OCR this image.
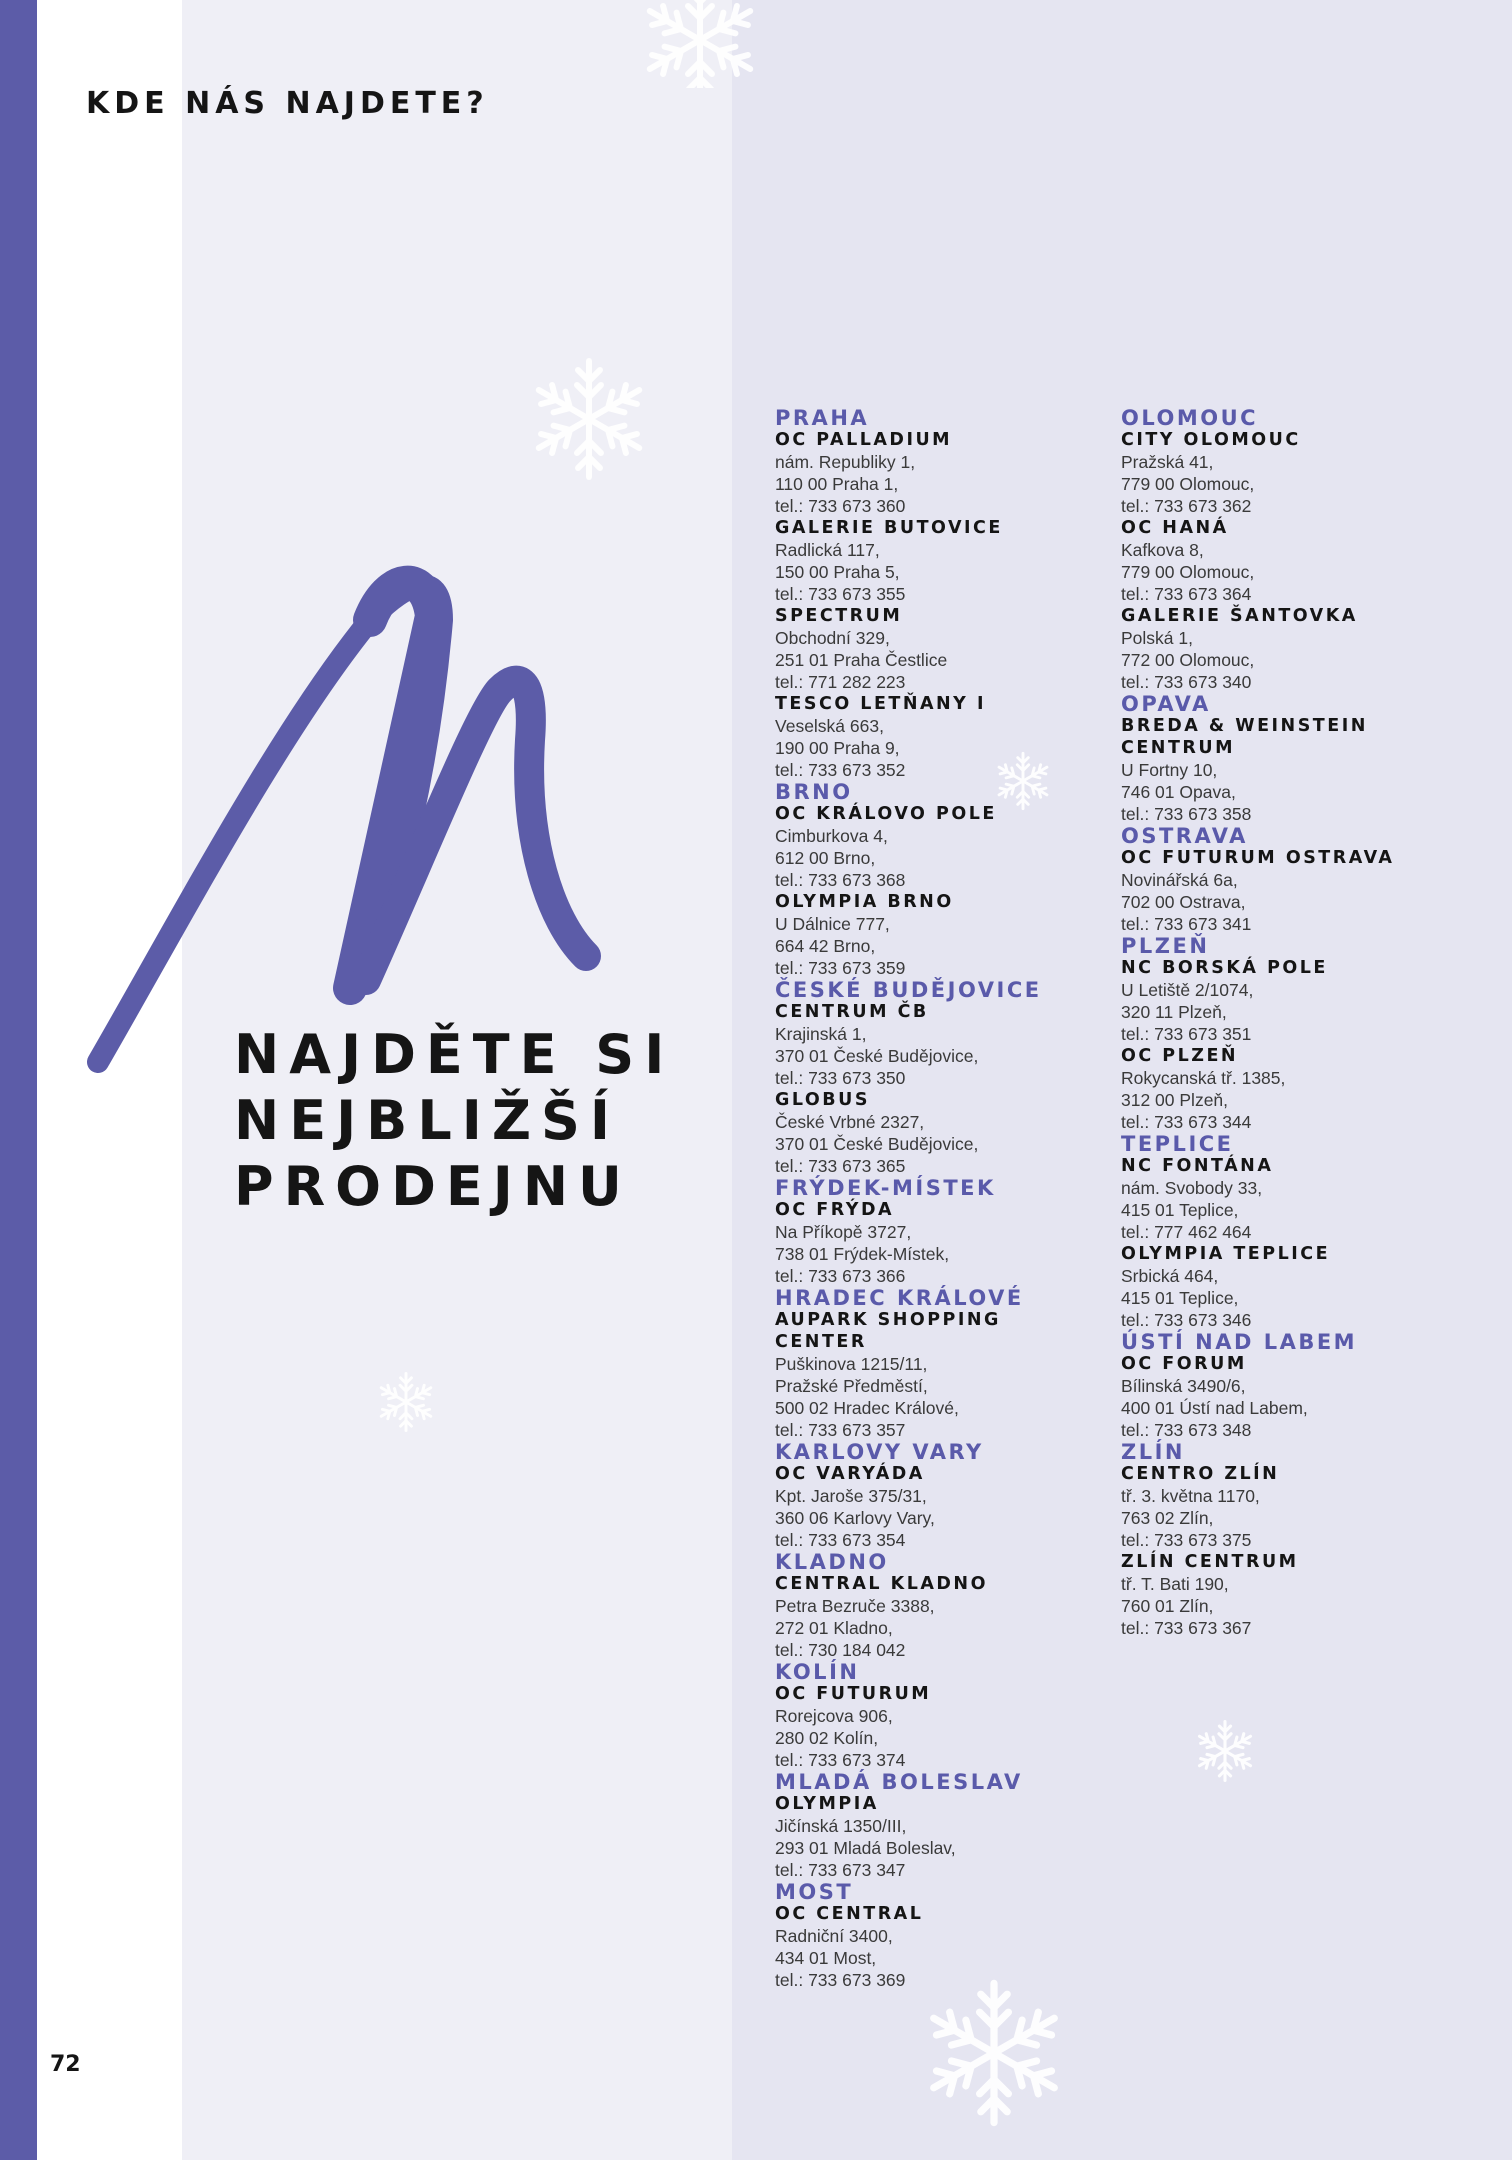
KDE NÁS NAJDETE?
NAJDĚTE SI
NEJBLIŽŠÍ
PRODEJNU
72
PRAHA
OC PALLADIUM
nám. Republiky 1,
110 00 Praha 1,
tel.: 733 673 360
GALERIE BUTOVICE
Radlická 117,
150 00 Praha 5,
tel.: 733 673 355
SPECTRUM
Obchodní 329,
251 01 Praha Čestlice
tel.: 771 282 223
TESCO LETŇANY I
Veselská 663,
190 00 Praha 9,
tel.: 733 673 352
BRNO
OC KRÁLOVO POLE
Cimburkova 4,
612 00 Brno,
tel.: 733 673 368
OLYMPIA BRNO
U Dálnice 777,
664 42 Brno,
tel.: 733 673 359
ČESKÉ BUDĚJOVICE
CENTRUM ČB
Krajinská 1,
370 01 České Budějovice,
tel.: 733 673 350
GLOBUS
České Vrbné 2327,
370 01 České Budějovice,
tel.: 733 673 365
FRÝDEK-MÍSTEK
OC FRÝDA
Na Příkopě 3727,
738 01 Frýdek-Místek,
tel.: 733 673 366
HRADEC KRÁLOVÉ
AUPARK SHOPPING
CENTER
Puškinova 1215/11,
Pražské Předměstí,
500 02 Hradec Králové,
tel.: 733 673 357
KARLOVY VARY
OC VARYÁDA
Kpt. Jaroše 375/31,
360 06 Karlovy Vary,
tel.: 733 673 354
KLADNO
CENTRAL KLADNO
Petra Bezruče 3388,
272 01 Kladno,
tel.: 730 184 042
KOLÍN
OC FUTURUM
Rorejcova 906,
280 02 Kolín,
tel.: 733 673 374
MLADÁ BOLESLAV
OLYMPIA
Jičínská 1350/III,
293 01 Mladá Boleslav,
tel.: 733 673 347
MOST
OC CENTRAL
Radniční 3400,
434 01 Most,
tel.: 733 673 369
OLOMOUC
CITY OLOMOUC
Pražská 41,
779 00 Olomouc,
tel.: 733 673 362
OC HANÁ
Kafkova 8,
779 00 Olomouc,
tel.: 733 673 364
GALERIE ŠANTOVKA
Polská 1,
772 00 Olomouc,
tel.: 733 673 340
OPAVA
BREDA & WEINSTEIN
CENTRUM
U Fortny 10,
746 01 Opava,
tel.: 733 673 358
OSTRAVA
OC FUTURUM OSTRAVA
Novinářská 6a,
702 00 Ostrava,
tel.: 733 673 341
PLZEŇ
NC BORSKÁ POLE
U Letiště 2/1074,
320 11 Plzeň,
tel.: 733 673 351
OC PLZEŇ
Rokycanská tř. 1385,
312 00 Plzeň,
tel.: 733 673 344
TEPLICE
NC FONTÁNA
nám. Svobody 33,
415 01 Teplice,
tel.: 777 462 464
OLYMPIA TEPLICE
Srbická 464,
415 01 Teplice,
tel.: 733 673 346
ÚSTÍ NAD LABEM
OC FORUM
Bílinská 3490/6,
400 01 Ústí nad Labem,
tel.: 733 673 348
ZLÍN
CENTRO ZLÍN
tř. 3. května 1170,
763 02 Zlín,
tel.: 733 673 375
ZLÍN CENTRUM
tř. T. Bati 190,
760 01 Zlín,
tel.: 733 673 367
